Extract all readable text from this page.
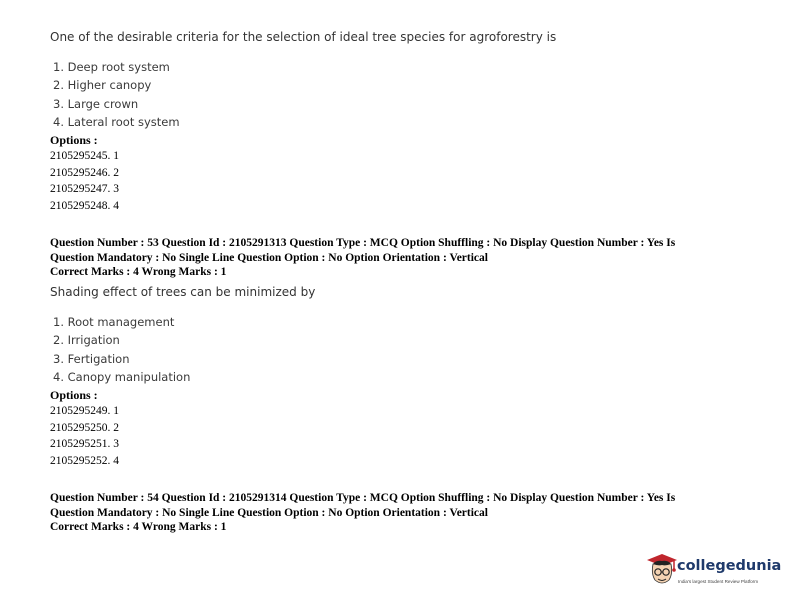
One of the desirable criteria for the selection of ideal tree species for agroforestry is
1. Deep root system
2. Higher canopy
3. Large crown
4. Lateral root system
Options :
2105295245. 1
2105295246. 2
2105295247. 3
2105295248. 4
Question Number : 53 Question Id : 2105291313 Question Type : MCQ Option Shuffling : No Display Question Number : Yes Is
Question Mandatory : No Single Line Question Option : No Option Orientation : Vertical
Correct Marks : 4 Wrong Marks : 1
Shading effect of trees can be minimized by
1. Root management
2. Irrigation
3. Fertigation
4. Canopy manipulation
Options :
2105295249. 1
2105295250. 2
2105295251. 3
2105295252. 4
Question Number : 54 Question Id : 2105291314 Question Type : MCQ Option Shuffling : No Display Question Number : Yes Is
Question Mandatory : No Single Line Question Option : No Option Orientation : Vertical
Correct Marks : 4 Wrong Marks : 1
collegedunia
India's largest Student Review Platform
